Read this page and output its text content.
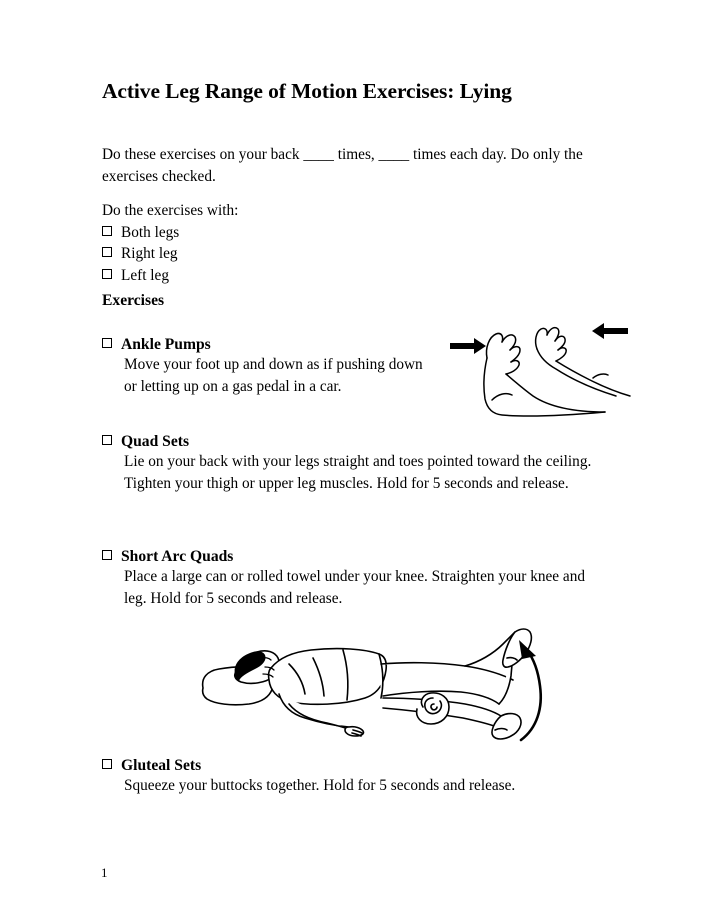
Active Leg Range of Motion Exercises: Lying

Do these exercises on your back ____ times, ____ times each day. Do only the exercises checked.

Do the exercises with:

Both legs
Right leg
Left leg
Exercises
Ankle Pumps

Move your foot up and down as if pushing down or letting up on a gas pedal in a car.

Quad Sets

Lie on your back with your legs straight and toes pointed toward the ceiling. Tighten your thigh or upper leg muscles. Hold for 5 seconds and release.

Short Arc Quads

Place a large can or rolled towel under your knee. Straighten your knee and leg. Hold for 5 seconds and release.

Gluteal Sets

Squeeze your buttocks together. Hold for 5 seconds and release.

1
